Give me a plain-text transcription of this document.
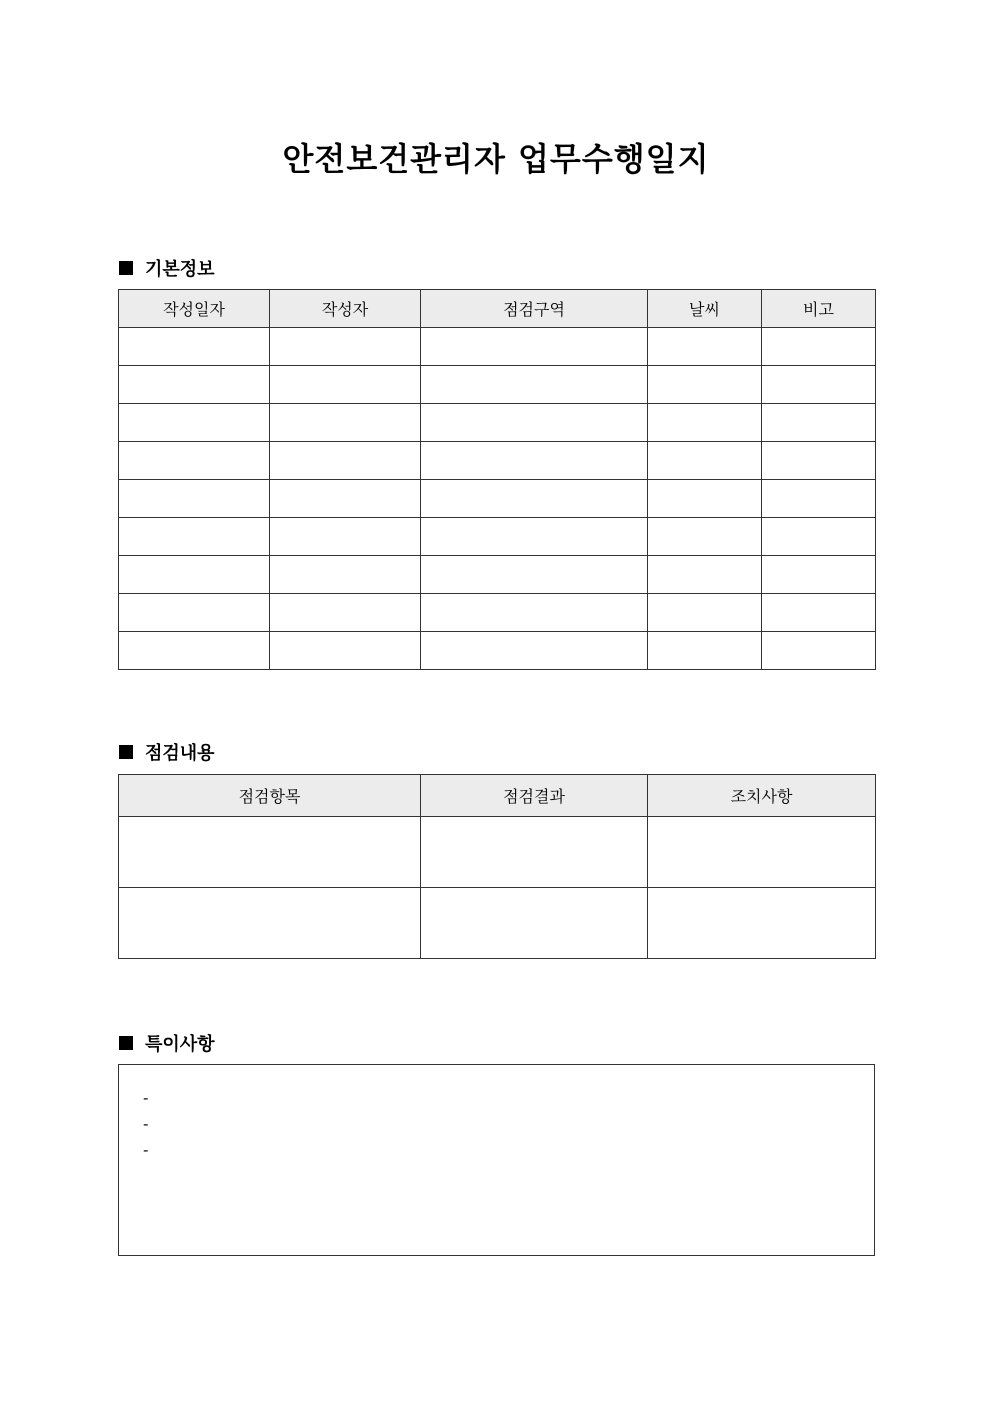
안전보건관리자 업무수행일지
기본정보
작성일자	작성자	점검구역	날씨	비고

점검내용
점검항목	점검결과	조치사항

특이사항
-
-
-
